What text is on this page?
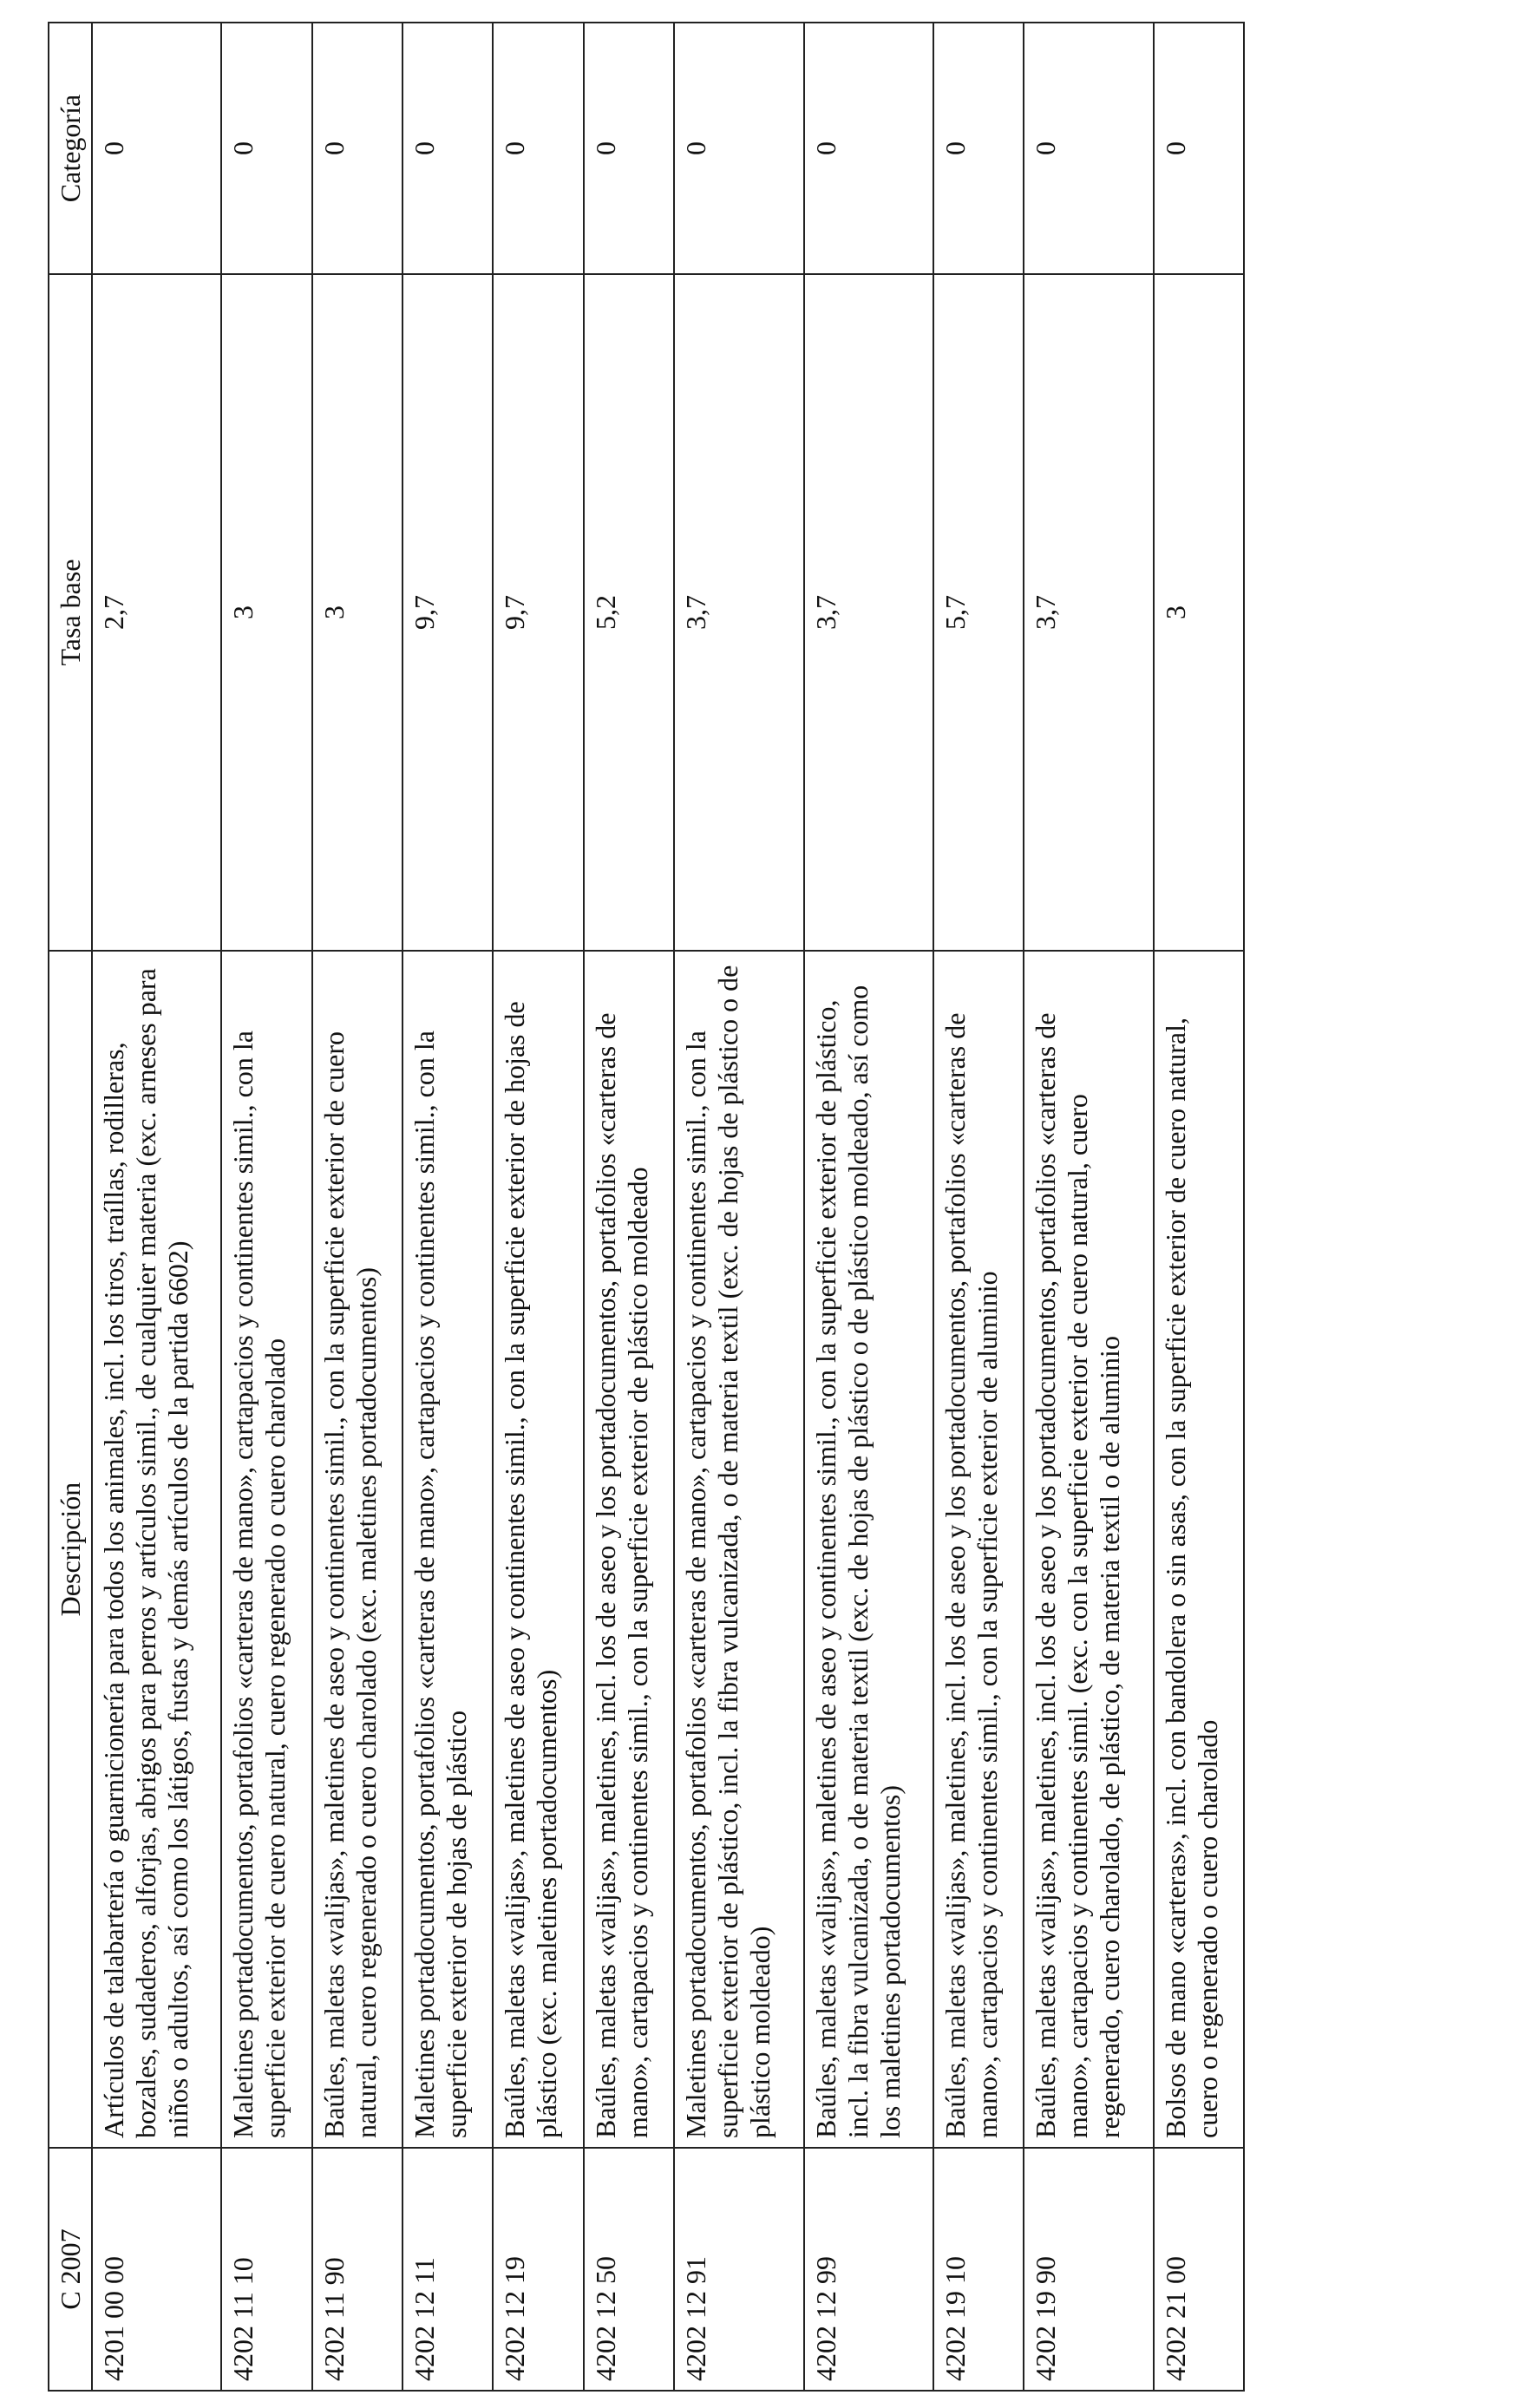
C 2007	Descripción	Tasa base	Categoría
4201 00 00	Artículos de talabartería o guarnicionería para todos los animales, incl. los tiros, traíllas, rodilleras, bozales, sudaderos, alforjas, abrigos para perros y artículos simil., de cualquier materia (exc. arneses para niños o adultos, así como los látigos, fustas y demás artículos de la partida 6602)	2,7	0
4202 11 10	Maletines portadocumentos, portafolios «carteras de mano», cartapacios y continentes simil., con la superficie exterior de cuero natural, cuero regenerado o cuero charolado	3	0
4202 11 90	Baúles, maletas «valijas», maletines de aseo y continentes simil., con la superficie exterior de cuero natural, cuero regenerado o cuero charolado (exc. maletines portadocumentos)	3	0
4202 12 11	Maletines portadocumentos, portafolios «carteras de mano», cartapacios y continentes simil., con la superficie exterior de hojas de plástico	9,7	0
4202 12 19	Baúles, maletas «valijas», maletines de aseo y continentes simil., con la superficie exterior de hojas de plástico (exc. maletines portadocumentos)	9,7	0
4202 12 50	Baúles, maletas «valijas», maletines, incl. los de aseo y los portadocumentos, portafolios «carteras de mano», cartapacios y continentes simil., con la superficie exterior de plástico moldeado	5,2	0
4202 12 91	Maletines portadocumentos, portafolios «carteras de mano», cartapacios y continentes simil., con la superficie exterior de plástico, incl. la fibra vulcanizada, o de materia textil (exc. de hojas de plástico o de plástico moldeado)	3,7	0
4202 12 99	Baúles, maletas «valijas», maletines de aseo y continentes simil., con la superficie exterior de plástico, incl. la fibra vulcanizada, o de materia textil (exc. de hojas de plástico o de plástico moldeado, así como los maletines portadocumentos)	3,7	0
4202 19 10	Baúles, maletas «valijas», maletines, incl. los de aseo y los portadocumentos, portafolios «carteras de mano», cartapacios y continentes simil., con la superficie exterior de aluminio	5,7	0
4202 19 90	Baúles, maletas «valijas», maletines, incl. los de aseo y los portadocumentos, portafolios «carteras de mano», cartapacios y continentes simil. (exc. con la superficie exterior de cuero natural, cuero regenerado, cuero charolado, de plástico, de materia textil o de aluminio	3,7	0
4202 21 00	Bolsos de mano «carteras», incl. con bandolera o sin asas, con la superficie exterior de cuero natural, cuero o regenerado o cuero charolado	3	0
